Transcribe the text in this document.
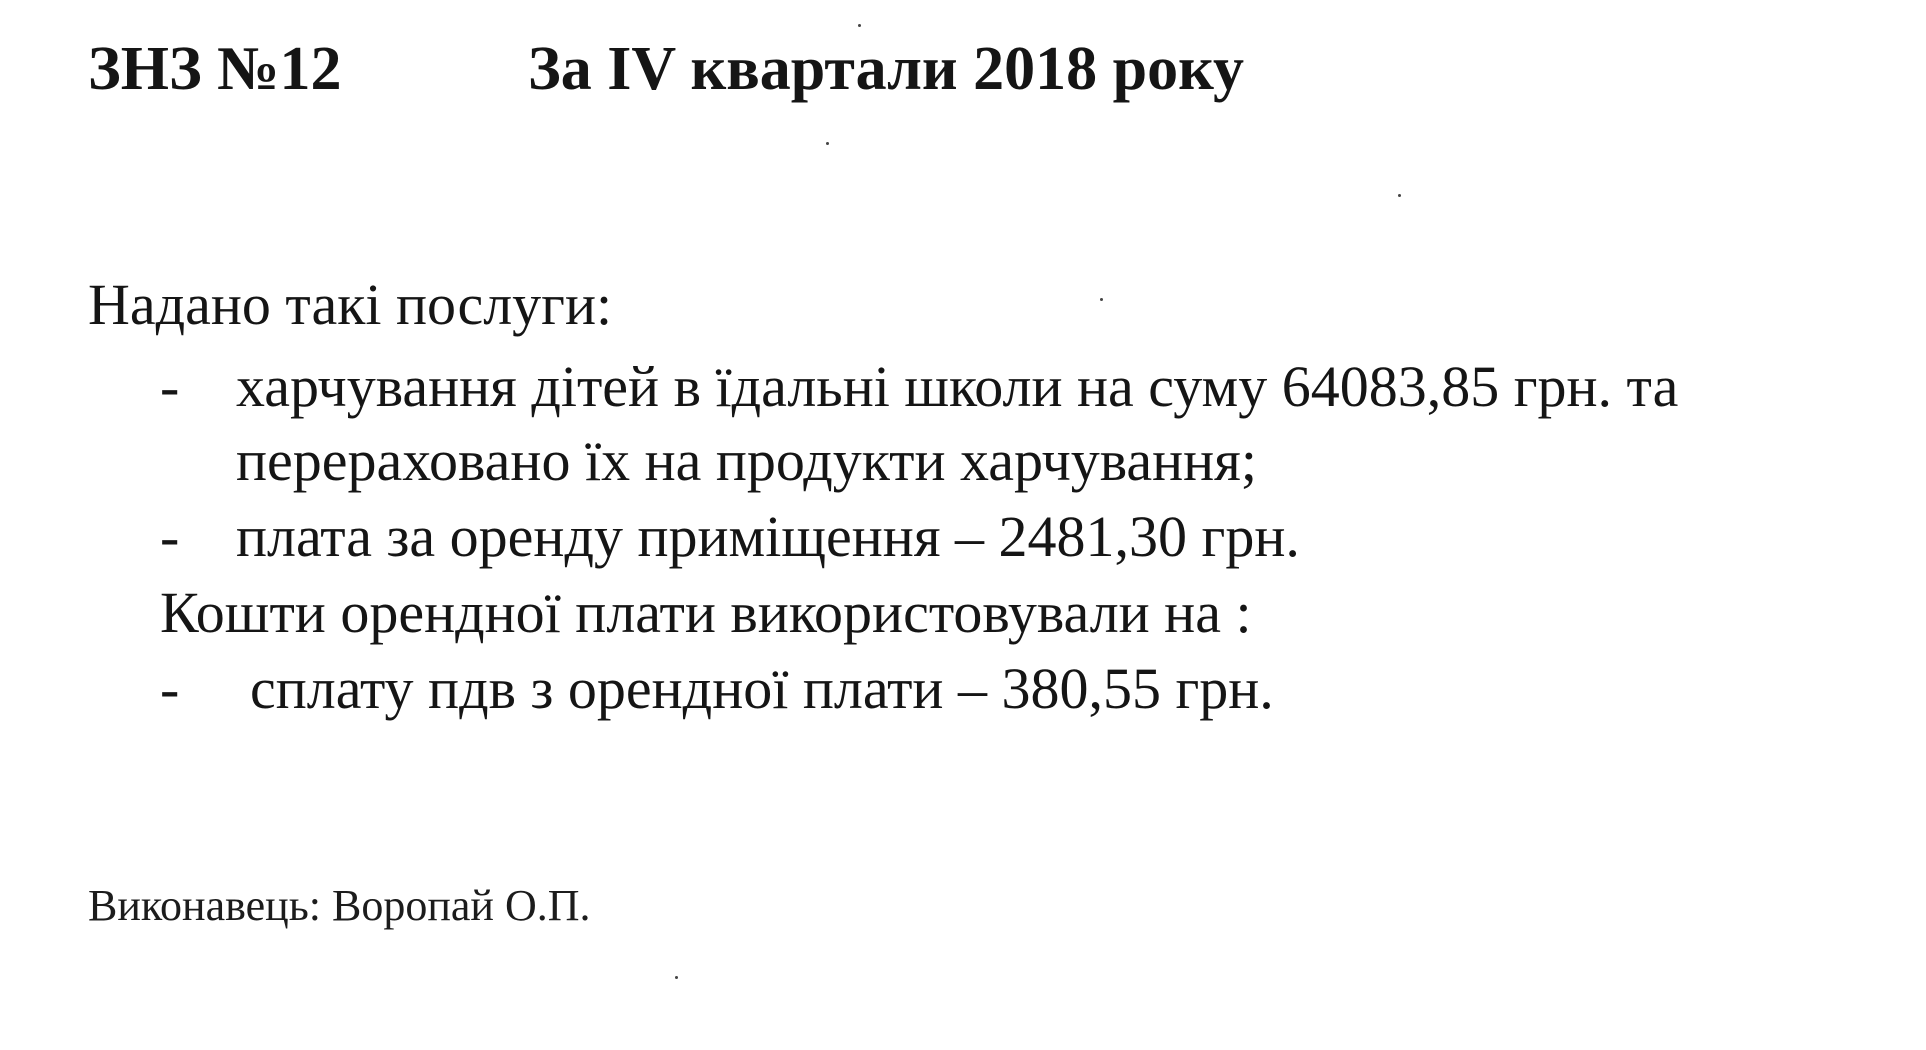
ЗНЗ №12	За IV квартали 2018 року
Надано такі послуги:
- харчування дітей в їдальні школи на суму 64083,85 грн. та
перераховано їх на продукти харчування;
- плата за оренду приміщення – 2481,30 грн.
Кошти орендної плати використовували на :
- сплату пдв з орендної плати – 380,55 грн.
Виконавець: Воропай О.П.
